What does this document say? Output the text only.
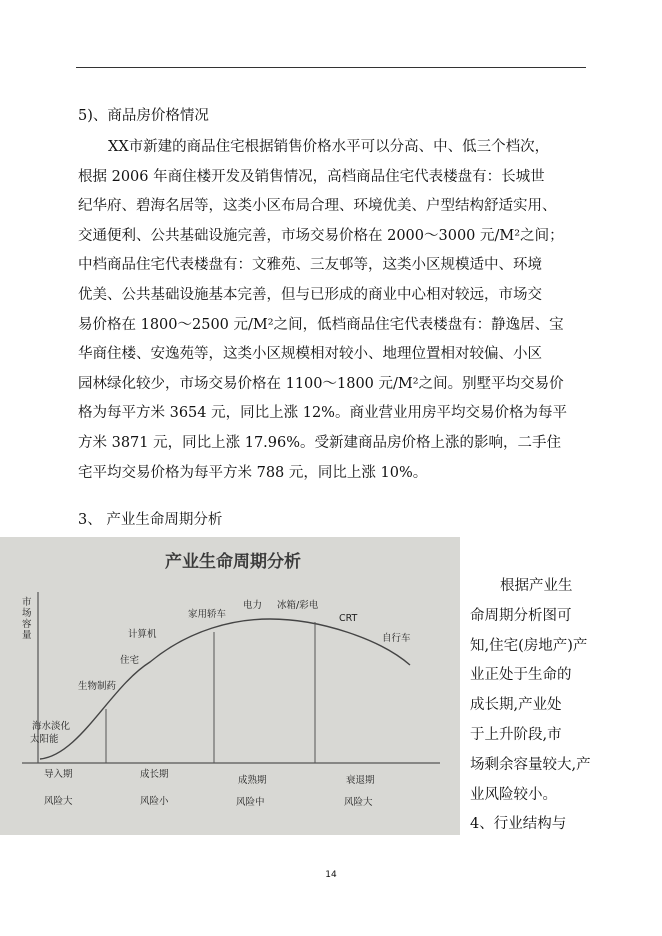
5)、商品房价格情况
XX市新建的商品住宅根据销售价格水平可以分高、中、低三个档次，
根据 2006 年商住楼开发及销售情况，高档商品住宅代表楼盘有：长城世
纪华府、碧海名居等，这类小区布局合理、环境优美、户型结构舒适实用、
交通便利、公共基础设施完善，市场交易价格在 2000～3000 元/M²之间；
中档商品住宅代表楼盘有：文雅苑、三友邨等，这类小区规模适中、环境
优美、公共基础设施基本完善，但与已形成的商业中心相对较远，市场交
易价格在 1800～2500 元/M²之间，低档商品住宅代表楼盘有：静逸居、宝
华商住楼、安逸苑等，这类小区规模相对较小、地理位置相对较偏、小区
园林绿化较少，市场交易价格在 1100～1800 元/M²之间。别墅平均交易价
格为每平方米 3654 元，同比上涨 12%。商业营业用房平均交易价格为每平
方米 3871 元，同比上涨 17.96%。受新建商品房价格上涨的影响，二手住
宅平均交易价格为每平方米 788 元，同比上涨 10%。
3、 产业生命周期分析
产业生命周期分析
市
场
容
量
海水淡化
太阳能
生物制药
住宅
计算机
家用轿车
电力 冰箱/彩电
CRT
自行车
导入期
风险大
成长期
风险小
成熟期
风险中
衰退期
风险大
根据产业生
命周期分析图可
知,住宅(房地产)产
业正处于生命的
成长期,产业处
于上升阶段,市
场剩余容量较大,产
业风险较小。
4、行业结构与
14
